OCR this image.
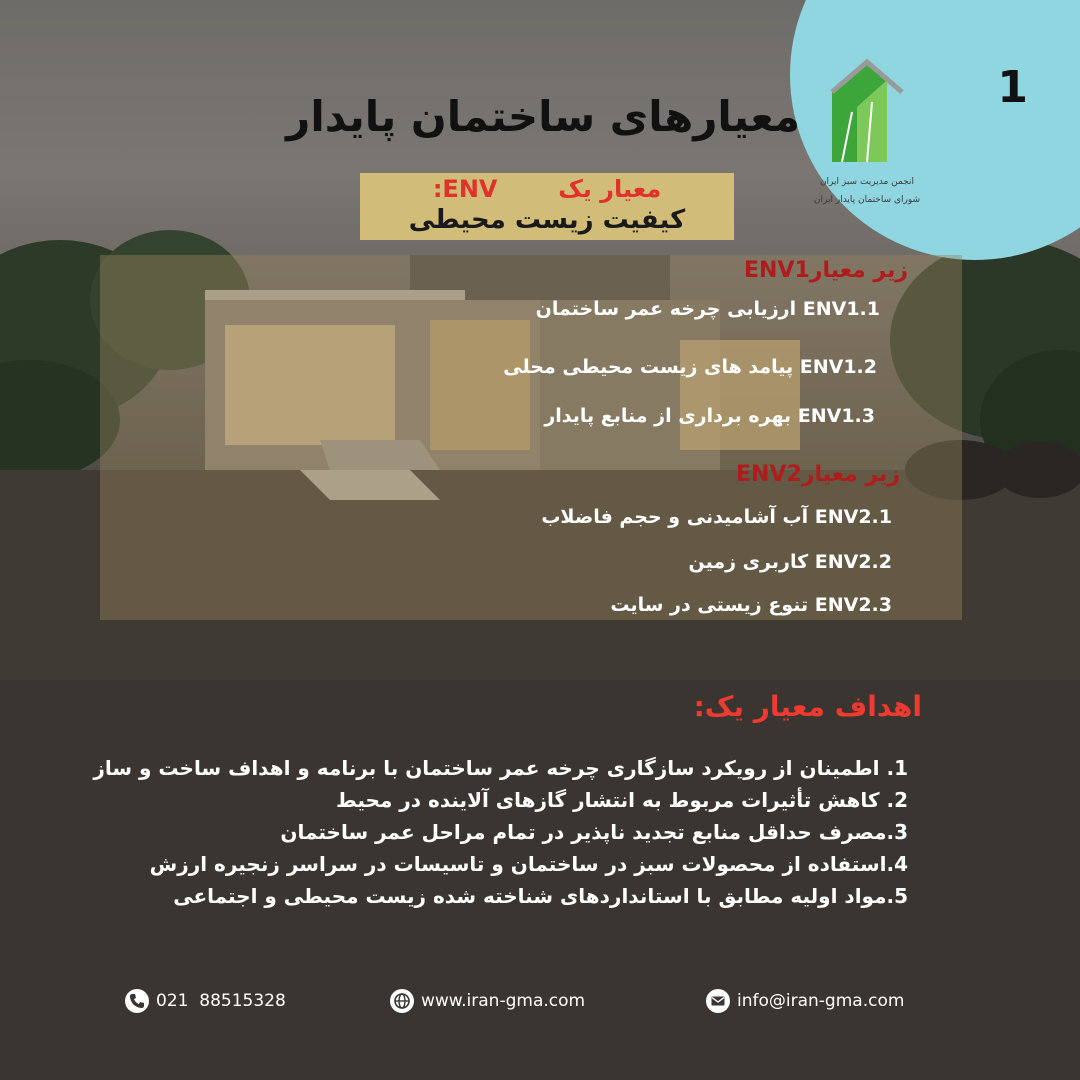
1
انجمن مدیریت سبز ایران
شورای ساختمان پایدار ایران
معیارهای ساختمان پایدار
معیار یک  ENV:
کیفیت زیست محیطی
زیر معیارENV1
ENV1.1 ارزیابی چرخه عمر ساختمان
ENV1.2 پیامد های زیست محیطی محلی
ENV1.3 بهره برداری از منابع پایدار
زیر معیارENV2
ENV2.1 آب آشامیدنی و حجم فاضلاب
ENV2.2 کاربری زمین
ENV2.3 تنوع زیستی در سایت
اهداف معیار یک:
1. اطمینان از رویکرد سازگاری چرخه عمر ساختمان با برنامه و اهداف ساخت و ساز
2. کاهش تأثیرات مربوط به انتشار گازهای آلاینده در محیط
3.مصرف حداقل منابع تجدید ناپذیر در تمام مراحل عمر ساختمان
4.استفاده از محصولات سبز در ساختمان و تاسیسات در سراسر زنجیره ارزش
5.مواد اولیه مطابق با استانداردهای شناخته شده زیست محیطی و اجتماعی
021  88515328	www.iran-gma.com	info@iran-gma.com
